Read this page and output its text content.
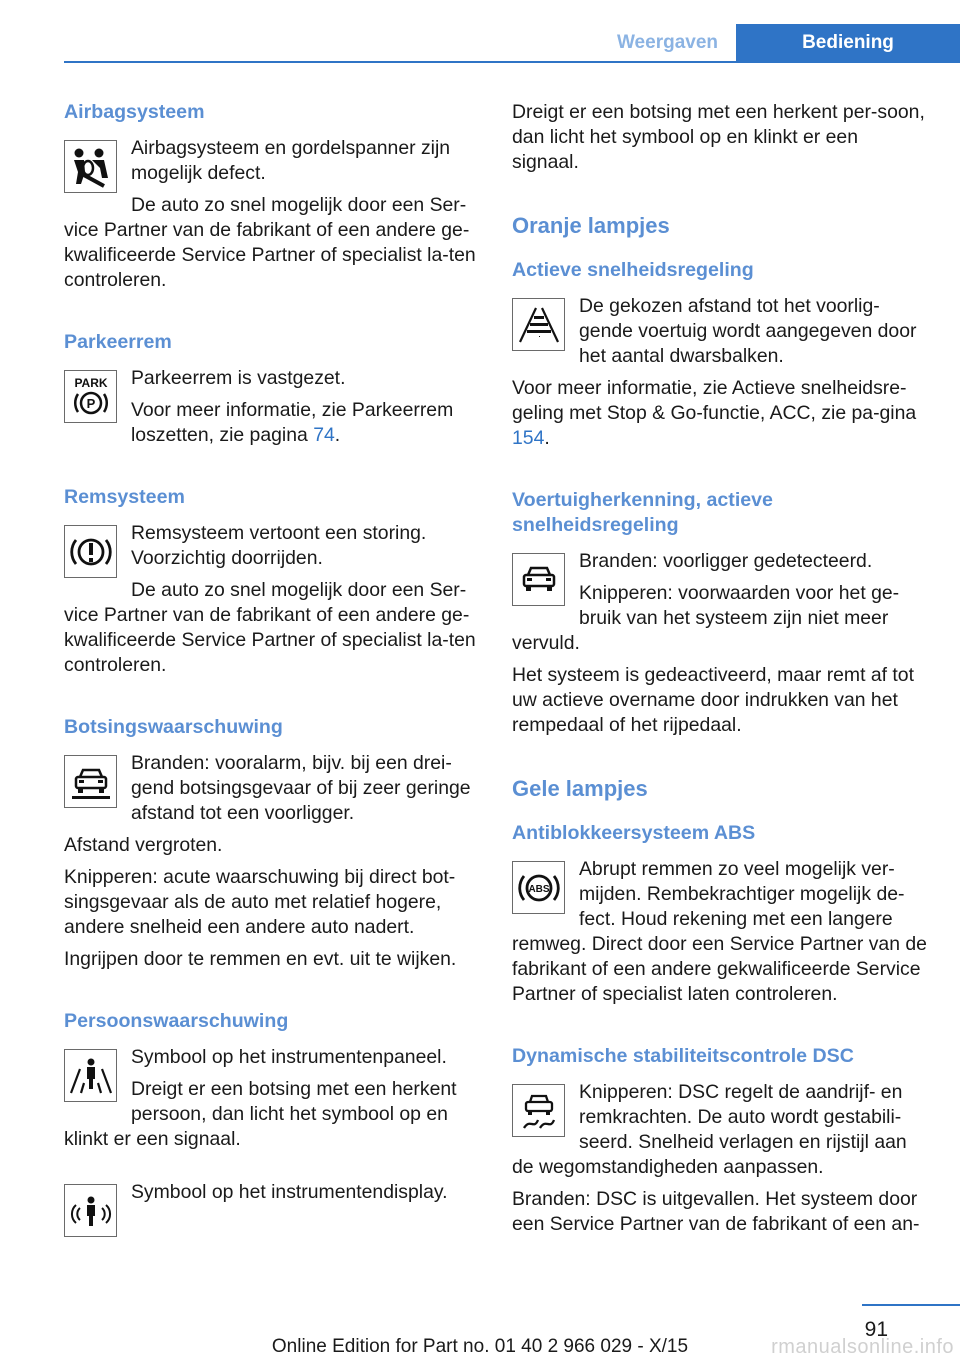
Weergaven	Bediening
Airbagsysteem

Airbagsysteem en gordelspanner zijn mogelijk defect.

De auto zo snel mogelijk door een Ser-

vice Partner van de fabrikant of een andere ge-kwalificeerde Service Partner of specialist la-ten controleren.

Parkeerrem
PARK
P

Parkeerrem is vastgezet.

Voor meer informatie, zie Parkeerrem loszetten, zie pagina 74.

Remsysteem

Remsysteem vertoont een storing. Voorzichtig doorrijden.

De auto zo snel mogelijk door een Ser-

vice Partner van de fabrikant of een andere ge-kwalificeerde Service Partner of specialist la-ten controleren.

Botsingswaarschuwing

Branden: vooralarm, bijv. bij een drei-gend botsingsgevaar of bij zeer geringe afstand tot een voorligger.

Afstand vergroten.

Knipperen: acute waarschuwing bij direct bot-singsgevaar als de auto met relatief hogere, andere snelheid een andere auto nadert.

Ingrijpen door te remmen en evt. uit te wijken.

Persoonswaarschuwing

Symbool op het instrumentenpaneel.

Dreigt er een botsing met een herkent persoon, dan licht het symbool op en

klinkt er een signaal.

Symbool op het instrumentendisplay.

Dreigt er een botsing met een herkent per-soon, dan licht het symbool op en klinkt er een signaal.

Oranje lampjes
Actieve snelheidsregeling

De gekozen afstand tot het voorlig-gende voertuig wordt aangegeven door het aantal dwarsbalken.

Voor meer informatie, zie Actieve snelheidsre-geling met Stop & Go-functie, ACC, zie pa-gina 154.

Voertuigherkenning, actieve snelheidsregeling

Branden: voorligger gedetecteerd.

Knipperen: voorwaarden voor het ge-bruik van het systeem zijn niet meer

vervuld.

Het systeem is gedeactiveerd, maar remt af tot uw actieve overname door indrukken van het rempedaal of het rijpedaal.

Gele lampjes
Antiblokkeersysteem ABS
ABS

Abrupt remmen zo veel mogelijk ver-mijden. Rembekrachtiger mogelijk de-fect. Houd rekening met een langere

remweg. Direct door een Service Partner van de fabrikant of een andere gekwalificeerde Service Partner of specialist laten controleren.

Dynamische stabiliteitscontrole DSC

Knipperen: DSC regelt de aandrijf- en remkrachten. De auto wordt gestabili-seerd. Snelheid verlagen en rijstijl aan

de wegomstandigheden aanpassen.

Branden: DSC is uitgevallen. Het systeem door een Service Partner van de fabrikant of een an-

91
Online Edition for Part no. 01 40 2 966 029 - X/15	rmanualsonline.info
